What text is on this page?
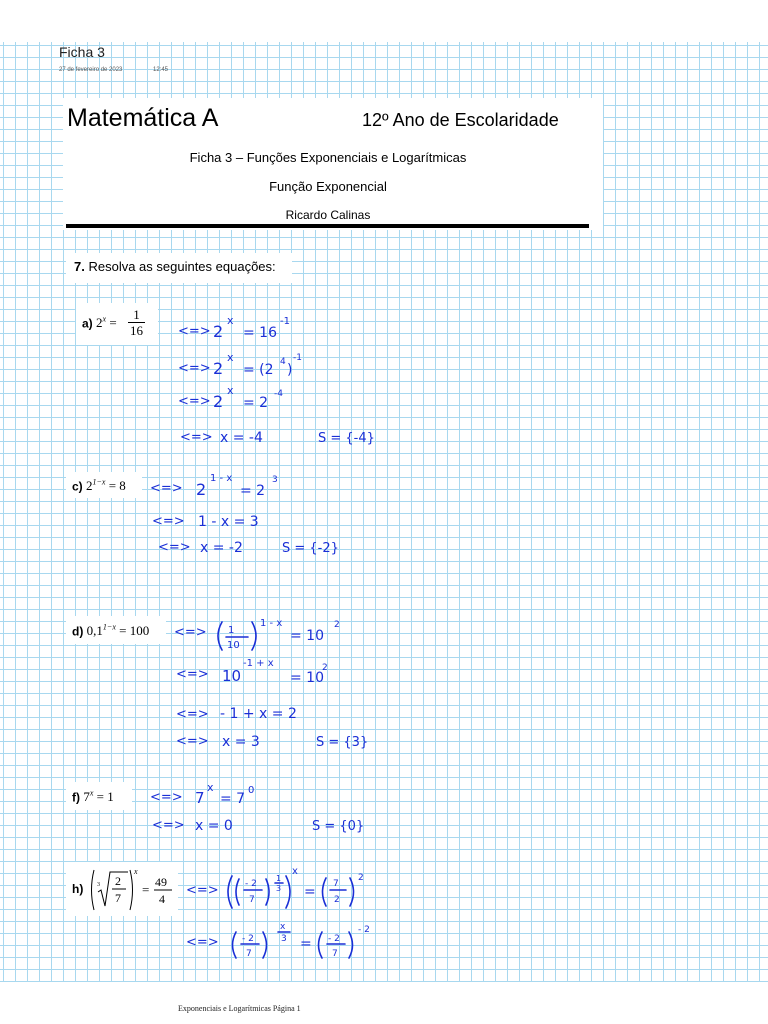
Ficha 3
27 de fevereiro de 2023	12:45
Matemática A	12º Ano de Escolaridade
Ficha 3 – Funções Exponenciais e Logarítmicas
Função Exponencial
Ricardo Calinas
7. Resolva as seguintes equações:
a) $2^x = \frac{1}{16}$
c) $2^{1-x} = 8$
d) $0,1^{1-x} = 100$
f) $7^x = 1$
h) 3 2
7
x
= 49
4
<=> 2
x
= 16
-1
<=> 2
x
= (2 4 )
-1
<=> 2
x
= 2
-4
<=> x = -4	S = {-4}
<=> 2
1 - x
= 2
3
<=> 1 - x = 3
<=> x = -2	S = {-2}
<=> 1
10
1 - x
= 10
2
<=> 10
-1 + x
= 10
2
<=> - 1 + x = 2
<=> x = 3	S = {3}
<=> 7
x
= 7
0
<=> x = 0	S = {0}
<=>	- 2
7
1
3
x
= 7
2
2
<=>	- 2
7
x
3 = - 2
7
- 2
Exponenciais e Logarítmicas Página 1
